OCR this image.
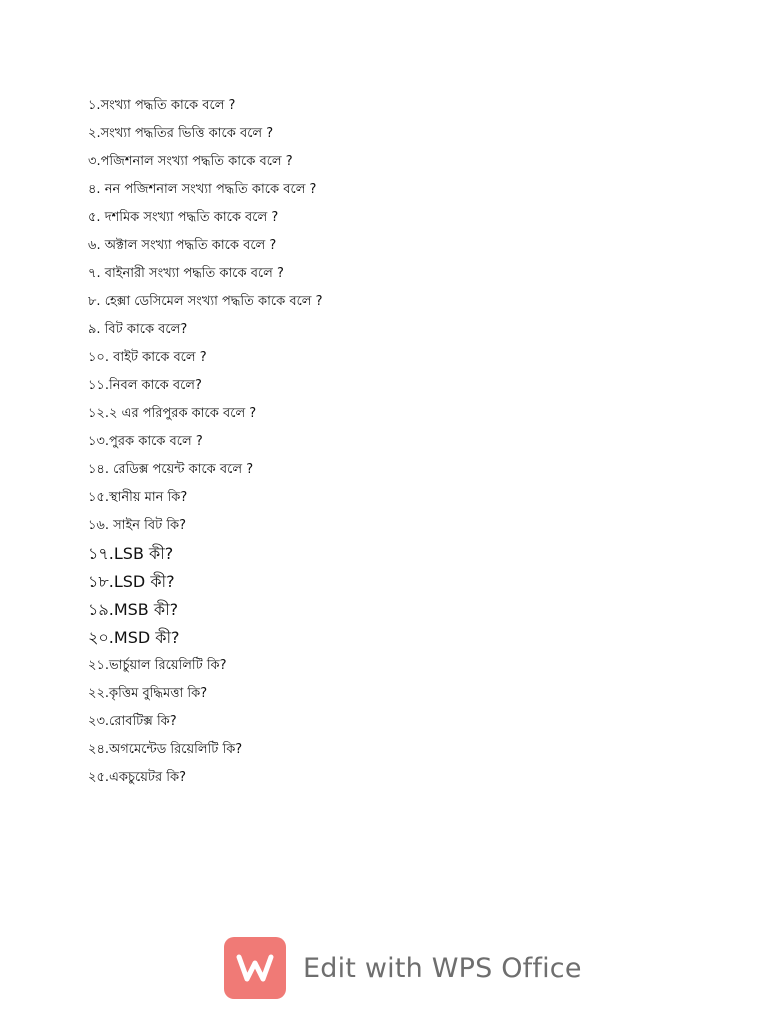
১.সংখ্যা পদ্ধতি কাকে বলে ?
২.সংখ্যা পদ্ধতির ভিত্তি কাকে বলে ?
৩.পজিশনাল সংখ্যা পদ্ধতি কাকে বলে ?
৪. নন পজিশনাল সংখ্যা পদ্ধতি কাকে বলে ?
৫. দশমিক সংখ্যা পদ্ধতি কাকে বলে ?
৬. অক্টাল সংখ্যা পদ্ধতি কাকে বলে ?
৭. বাইনারী সংখ্যা পদ্ধতি কাকে বলে ?
৮. হেক্সা ডেসিমেল সংখ্যা পদ্ধতি কাকে বলে ?
৯. বিট কাকে বলে?
১০. বাইট কাকে বলে ?
১১.নিবল কাকে বলে?
১২.২ এর পরিপুরক কাকে বলে ?
১৩.পুরক কাকে বলে ?
১৪. রেডিক্স পয়েন্ট কাকে বলে ?
১৫.স্থানীয় মান কি?
১৬. সাইন বিট কি?
১৭.LSB কী?
১৮.LSD কী?
১৯.MSB কী?
২০.MSD কী?
২১.ভার্চুয়াল রিয়েলিটি কি?
২২.কৃত্তিম বুদ্ধিমত্তা কি?
২৩.রোবটিক্স কি?
২৪.অগমেন্টেড রিয়েলিটি কি?
২৫.একচুয়েটর কি?
Edit with WPS Office
